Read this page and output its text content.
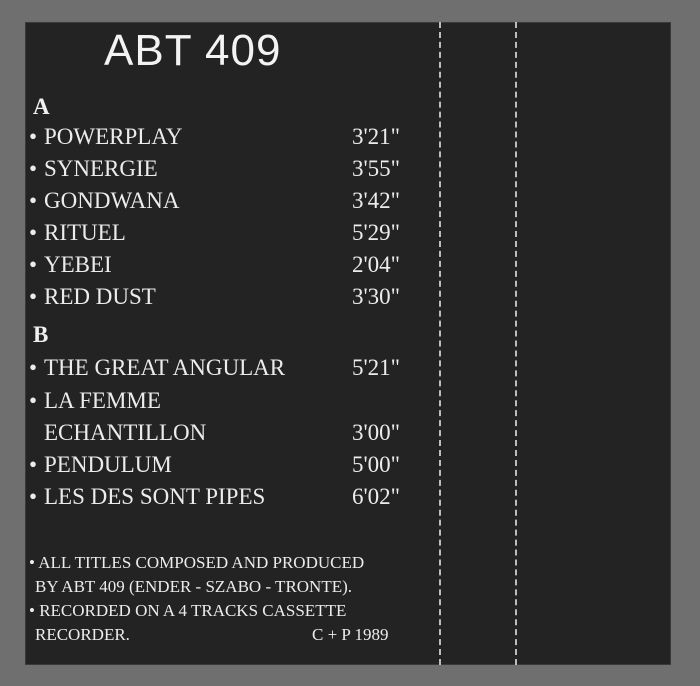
ABT 409
A
• POWERPLAY	3'21"
• SYNERGIE	3'55"
• GONDWANA	3'42"
• RITUEL	5'29"
• YEBEI	2'04"
• RED DUST	3'30"
B
• THE GREAT ANGULAR	5'21"
• LA FEMME
ECHANTILLON	3'00"
• PENDULUM	5'00"
• LES DES SONT PIPES	6'02"
• ALL TITLES COMPOSED AND PRODUCED
BY ABT 409 (ENDER - SZABO - TRONTE).
• RECORDED ON A 4 TRACKS CASSETTE
RECORDER.	C + P 1989
